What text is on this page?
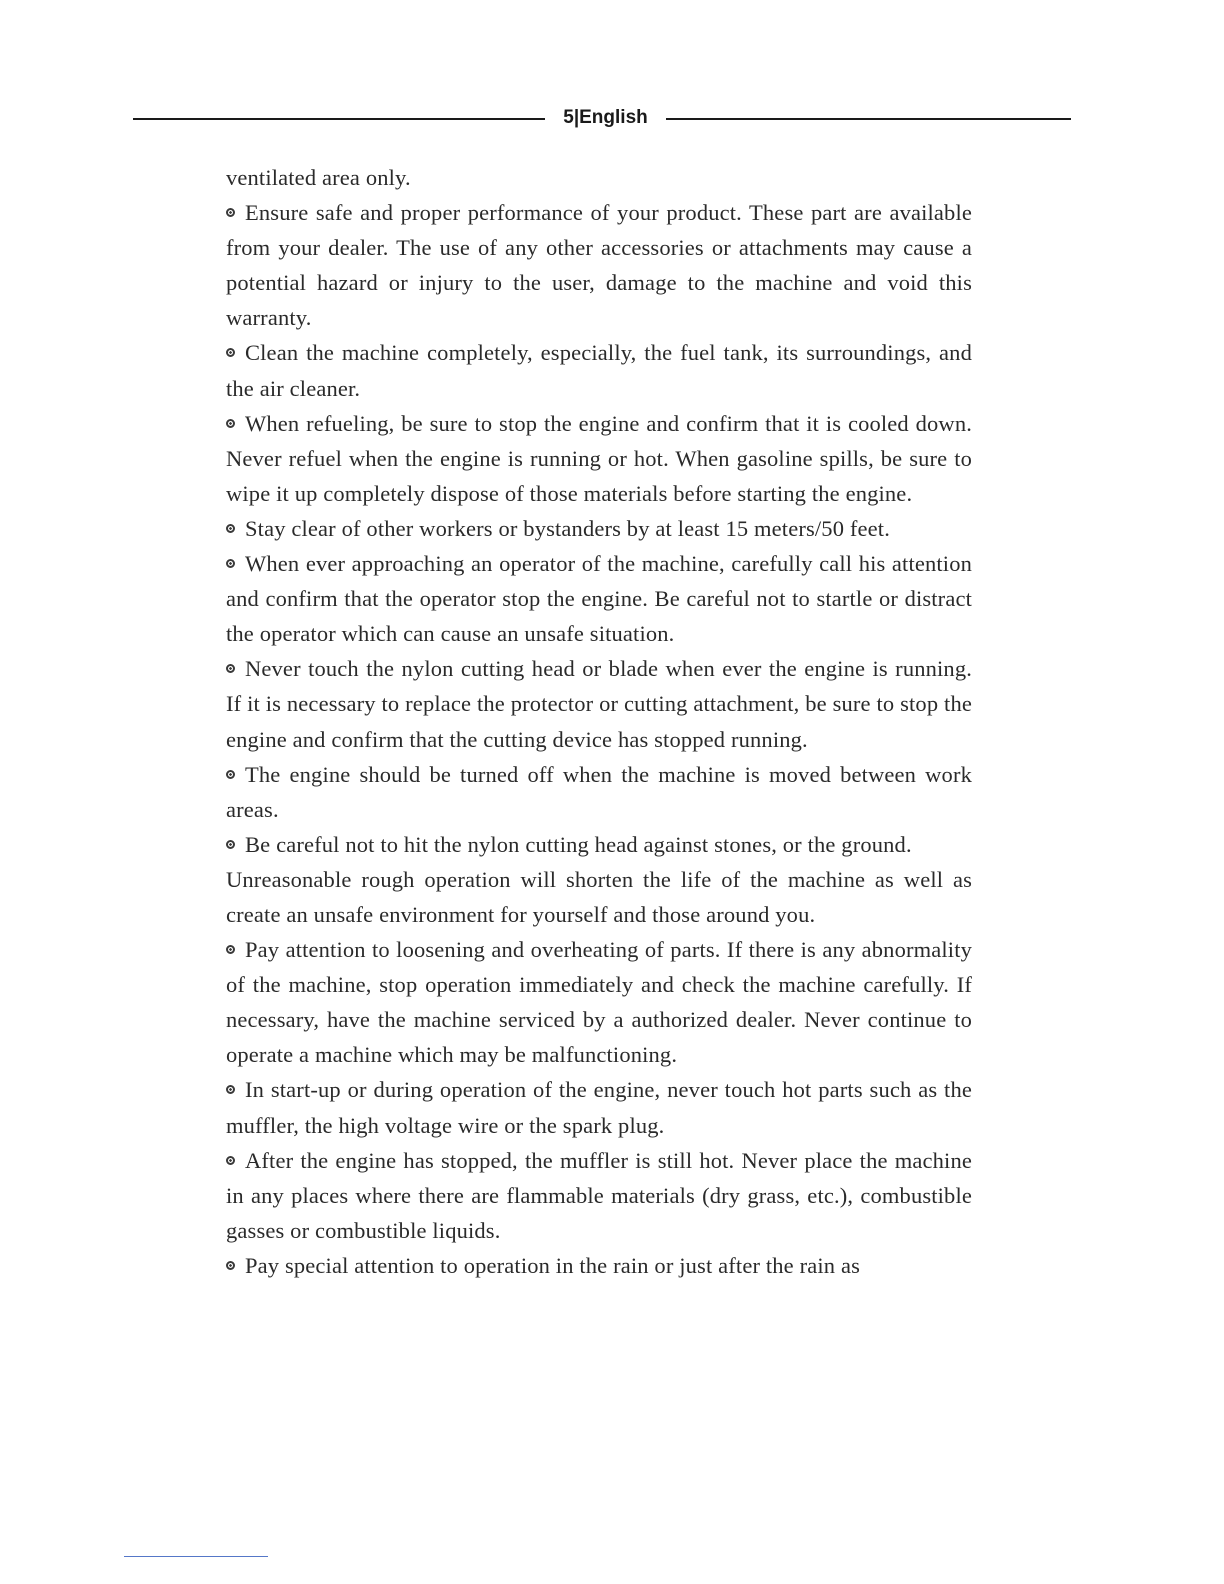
5|English

ventilated area only.

Ensure safe and proper performance of your product. These part are available from your dealer. The use of any other accessories or attachments may cause a potential hazard or injury to the user, damage to the machine and void this warranty.

Clean the machine completely, especially, the fuel tank, its surroundings, and the air cleaner.

When refueling, be sure to stop the engine and confirm that it is cooled down. Never refuel when the engine is running or hot. When gasoline spills, be sure to wipe it up completely dispose of those materials before starting the engine.

Stay clear of other workers or bystanders by at least 15 meters/50 feet.

When ever approaching an operator of the machine, carefully call his attention and confirm that the operator stop the engine. Be careful not to startle or distract the operator which can cause an unsafe situation.

Never touch the nylon cutting head or blade when ever the engine is running. If it is necessary to replace the protector or cutting attachment, be sure to stop the engine and confirm that the cutting device has stopped running.

The engine should be turned off when the machine is moved between work areas.

Be careful not to hit the nylon cutting head against stones, or the ground.

Unreasonable rough operation will shorten the life of the machine as well as create an unsafe environment for yourself and those around you.

Pay attention to loosening and overheating of parts. If there is any abnormality of the machine, stop operation immediately and check the machine carefully. If necessary, have the machine serviced by a authorized dealer. Never continue to operate a machine which may be malfunctioning.

In start-up or during operation of the engine, never touch hot parts such as the muffler, the high voltage wire or the spark plug.

After the engine has stopped, the muffler is still hot. Never place the machine in any places where there are flammable materials (dry grass, etc.), combustible gasses or combustible liquids.

Pay special attention to operation in the rain or just after the rain as
